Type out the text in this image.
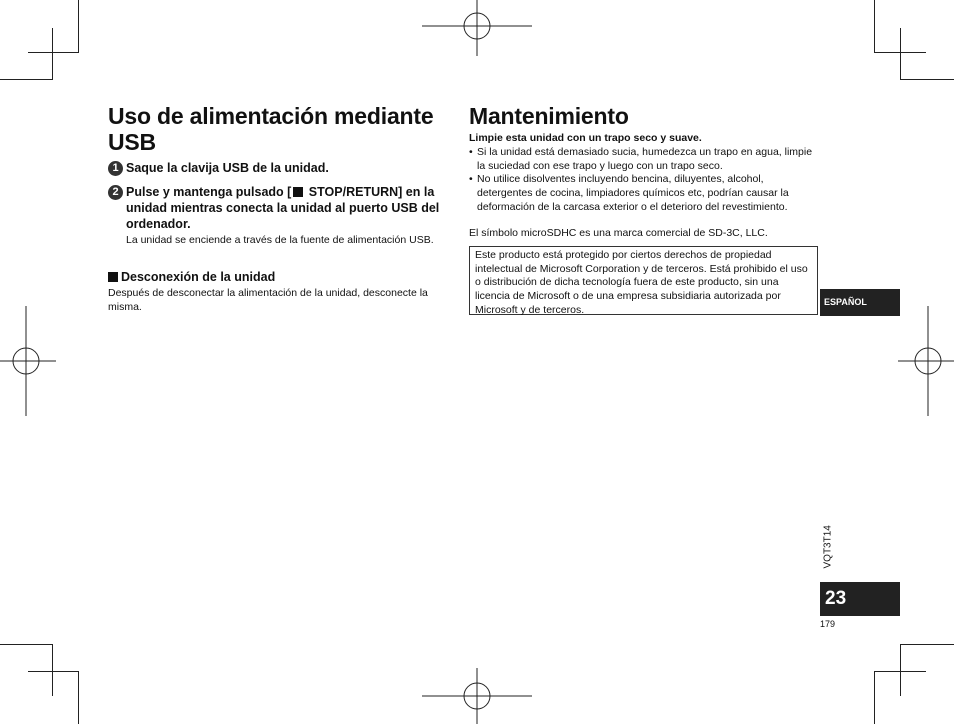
Uso de alimentación mediante USB
1 Saque la clavija USB de la unidad.
2 Pulse y mantenga pulsado [ STOP/RETURN] en la unidad mientras conecta la unidad al puerto USB del ordenador.
La unidad se enciende a través de la fuente de alimentación USB.
Desconexión de la unidad
Después de desconectar la alimentación de la unidad, desconecte la misma.
Mantenimiento
Limpie esta unidad con un trapo seco y suave.
• Si la unidad está demasiado sucia, humedezca un trapo en agua, limpie la suciedad con ese trapo y luego con un trapo seco.
• No utilice disolventes incluyendo bencina, diluyentes, alcohol, detergentes de cocina, limpiadores químicos etc, podrían causar la deformación de la carcasa exterior o el deterioro del revestimiento.
El símbolo microSDHC es una marca comercial de SD-3C, LLC.
Este producto está protegido por ciertos derechos de propiedad intelectual de Microsoft Corporation y de terceros. Está prohibido el uso o distribución de dicha tecnología fuera de este producto, sin una licencia de Microsoft o de una empresa subsidiaria autorizada por Microsoft y de terceros.
ESPAÑOL
VQT3T14
23
179
